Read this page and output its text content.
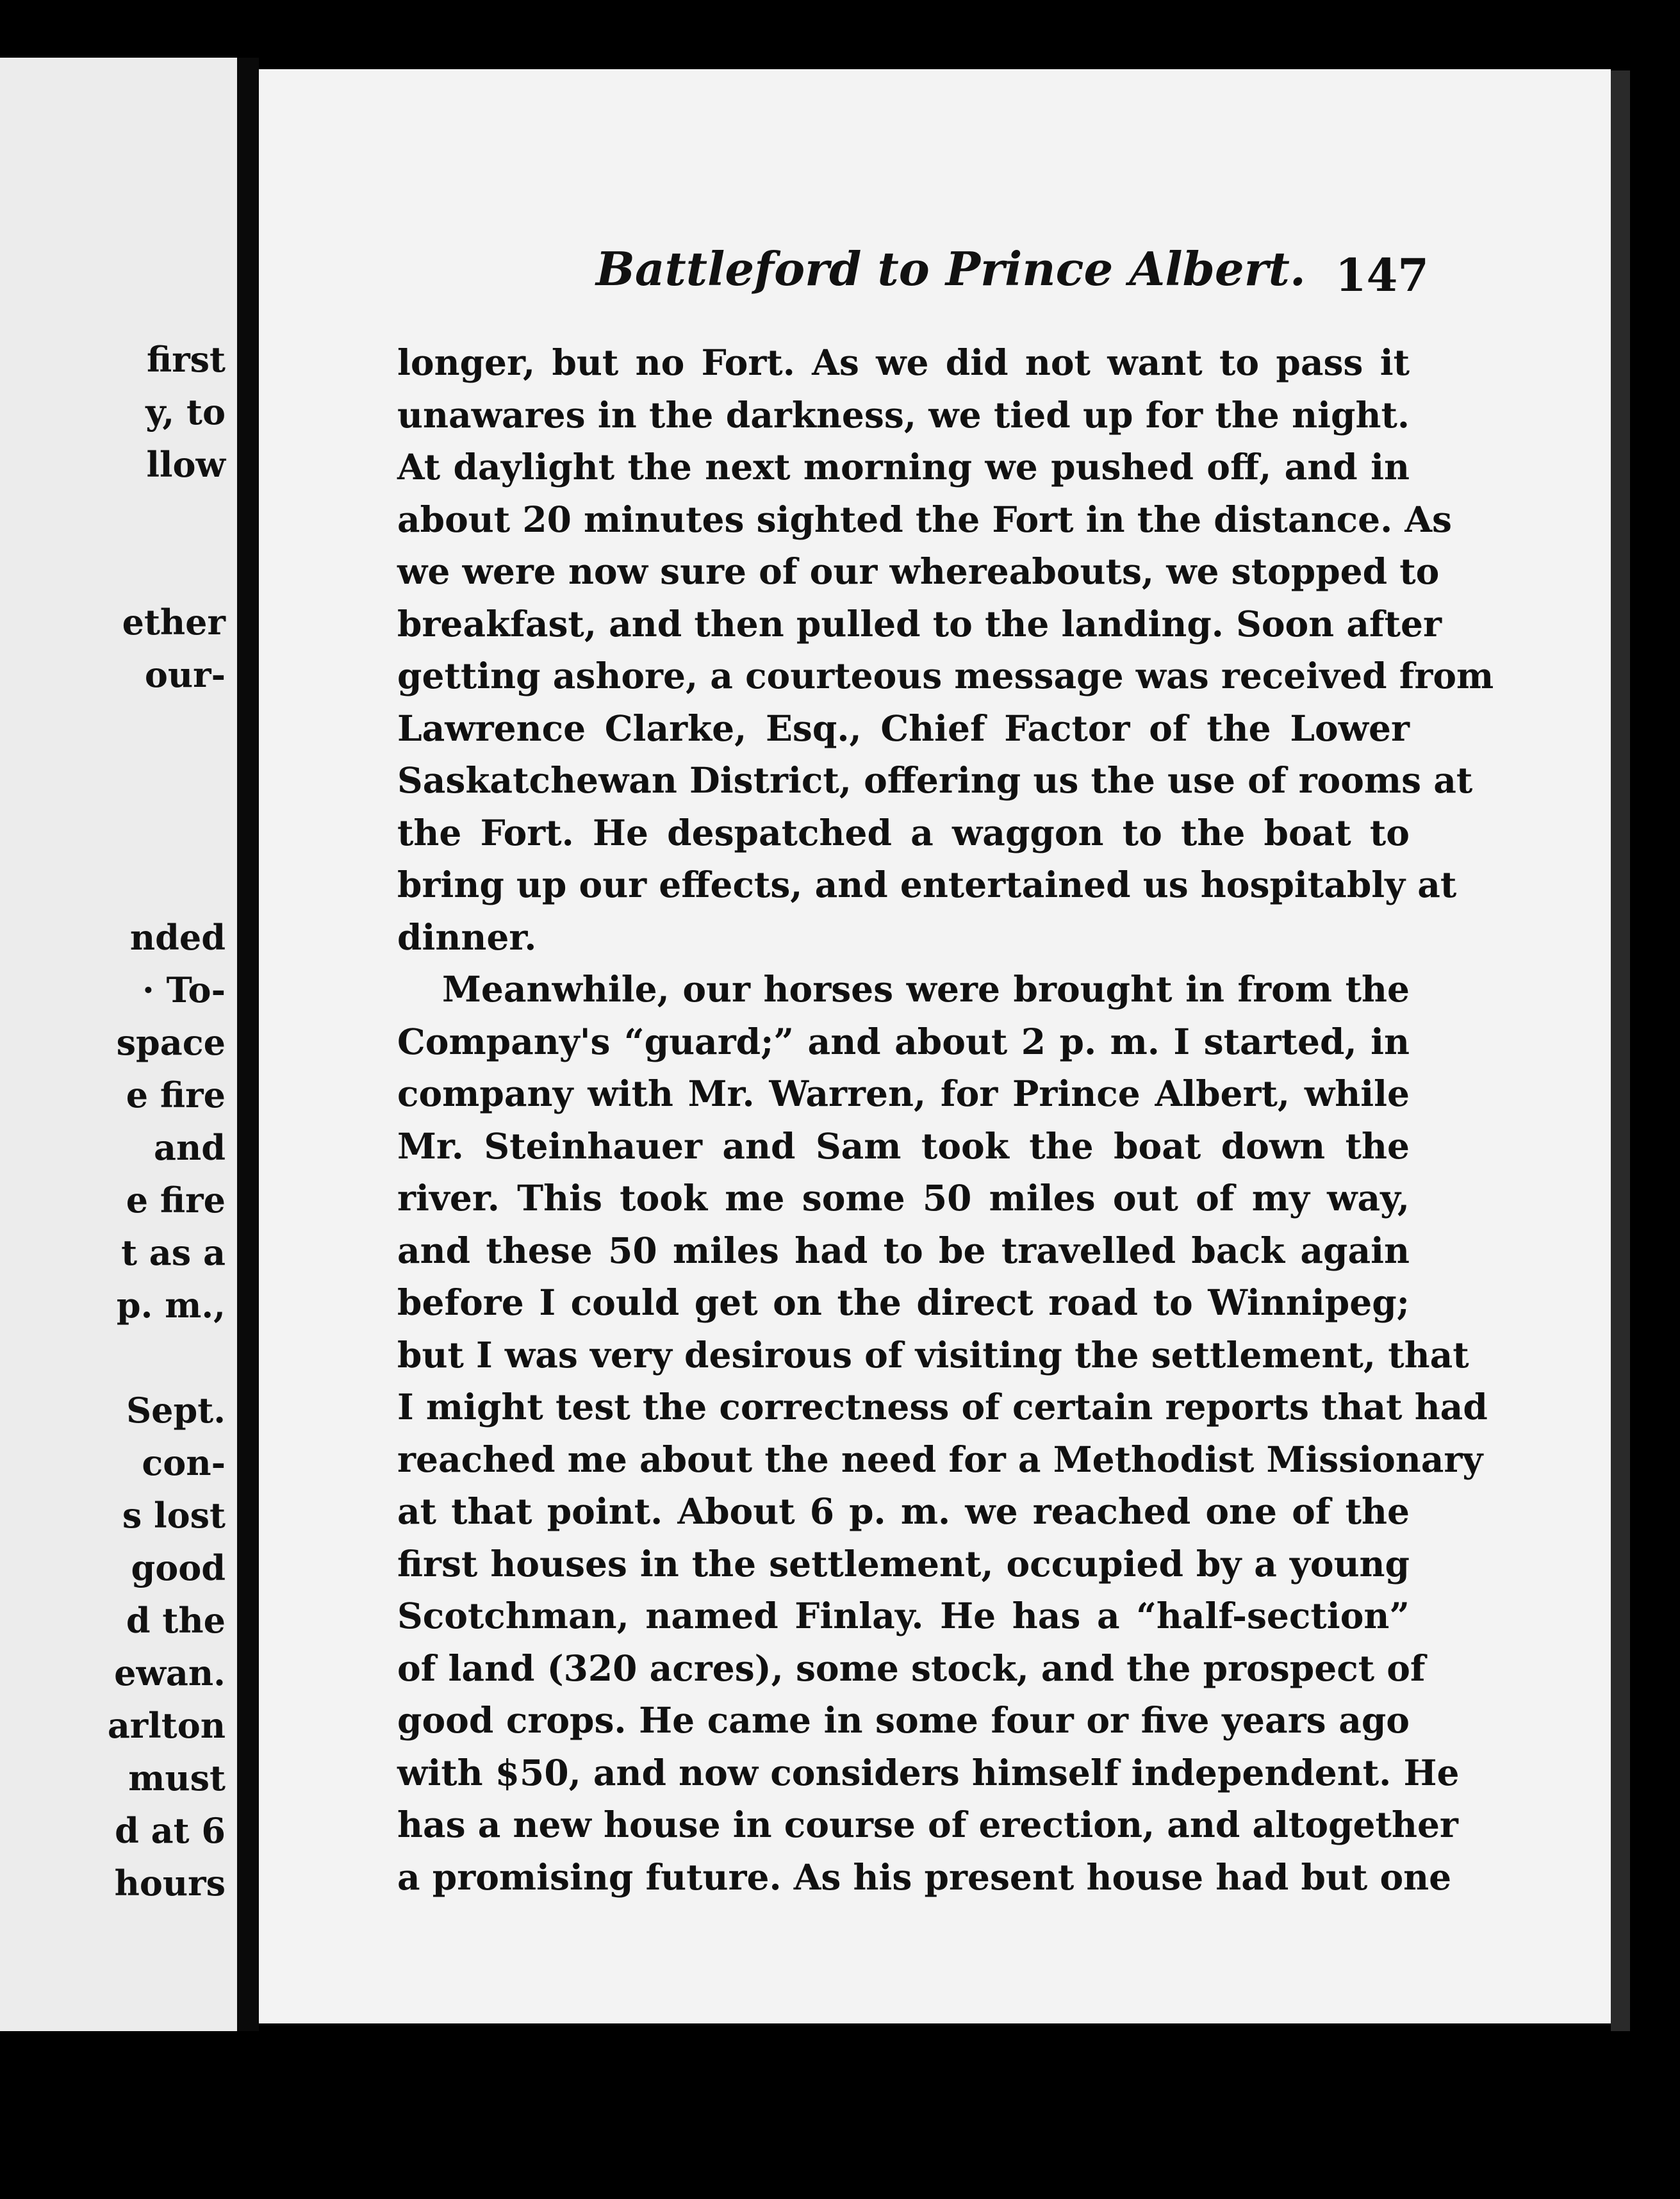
first
y, to
llow
ether
our-
nded
· To-
space
e fire
and
e fire
t as a
p. m.,
Sept.
con-
s lost
good
d the
ewan.
arlton
must
d at 6
hours
Battleford to Prince Albert. 147
longer, but no Fort. As we did not want to pass it
unawares in the darkness, we tied up for the night.
At daylight the next morning we pushed off, and in
about 20 minutes sighted the Fort in the distance. As
we were now sure of our whereabouts, we stopped to
breakfast, and then pulled to the landing. Soon after
getting ashore, a courteous message was received from
Lawrence Clarke, Esq., Chief Factor of the Lower
Saskatchewan District, offering us the use of rooms at
the Fort. He despatched a waggon to the boat to
bring up our effects, and entertained us hospitably at
dinner.
Meanwhile, our horses were brought in from the
Company's “guard;” and about 2 p. m. I started, in
company with Mr. Warren, for Prince Albert, while
Mr. Steinhauer and Sam took the boat down the
river. This took me some 50 miles out of my way,
and these 50 miles had to be travelled back again
before I could get on the direct road to Winnipeg;
but I was very desirous of visiting the settlement, that
I might test the correctness of certain reports that had
reached me about the need for a Methodist Missionary
at that point. About 6 p. m. we reached one of the
first houses in the settlement, occupied by a young
Scotchman, named Finlay. He has a “half-section”
of land (320 acres), some stock, and the prospect of
good crops. He came in some four or five years ago
with $50, and now considers himself independent. He
has a new house in course of erection, and altogether
a promising future. As his present house had but one
